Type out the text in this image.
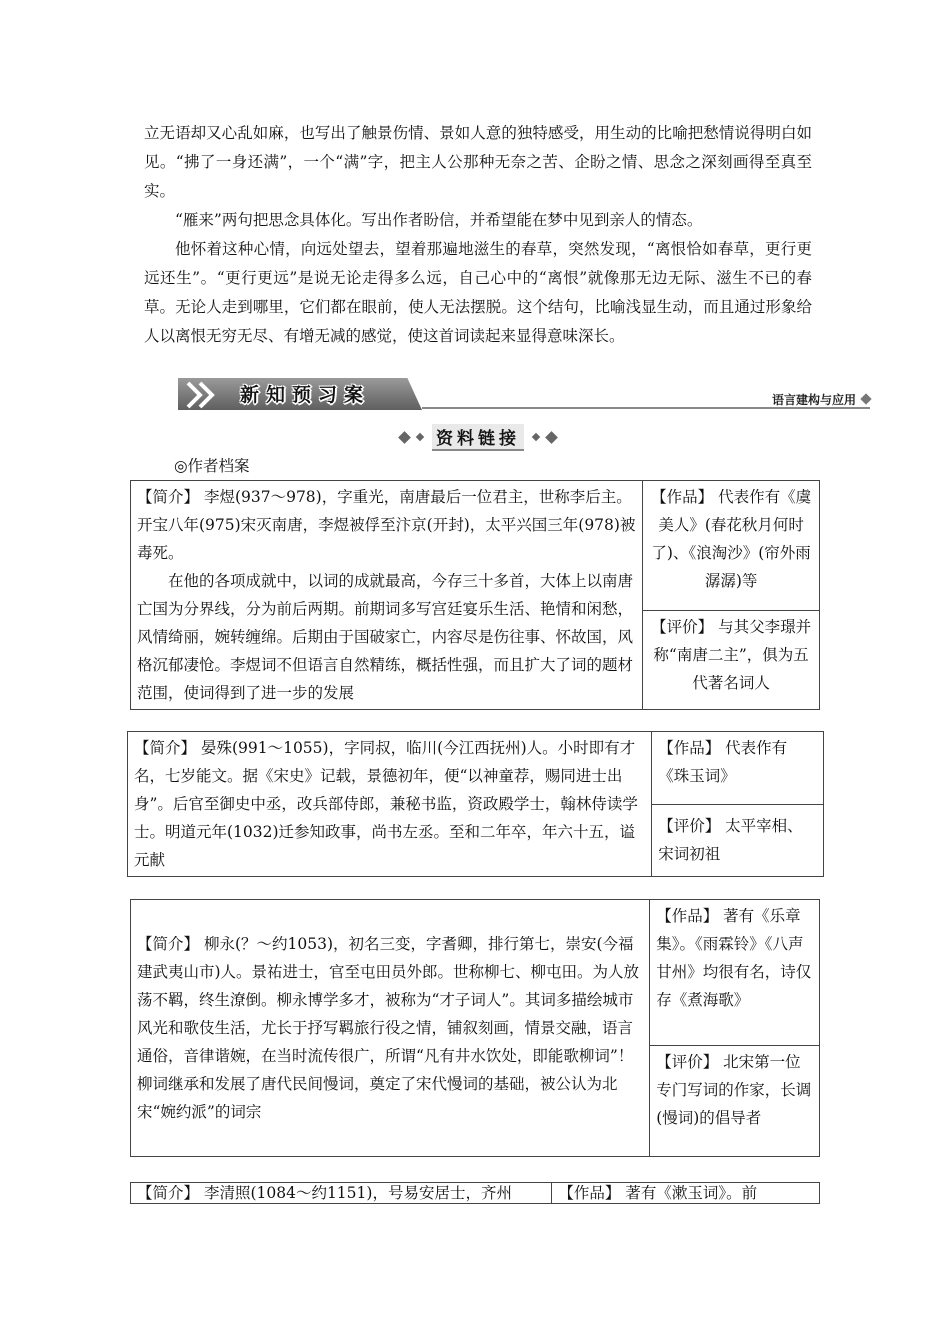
立无语却又心乱如麻，也写出了触景伤情、景如人意的独特感受，用生动的比喻把愁情说得明白如见。“拂了一身还满”，一个“满”字，把主人公那种无奈之苦、企盼之情、思念之深刻画得至真至实。

“雁来”两句把思念具体化。写出作者盼信，并希望能在梦中见到亲人的情态。

他怀着这种心情，向远处望去，望着那遍地滋生的春草，突然发现，“离恨恰如春草，更行更远还生”。“更行更远”是说无论走得多么远，自己心中的“离恨”就像那无边无际、滋生不已的春草。无论人走到哪里，它们都在眼前，使人无法摆脱。这个结句，比喻浅显生动，而且通过形象给人以离恨无穷无尽、有增无减的感觉，使这首词读起来显得意味深长。

新知预习案	语言建构与应用
资料链接
◎作者档案
【简介】 李煜(937～978)，字重光，南唐最后一位君主，世称李后主。开宝八年(975)宋灭南唐，李煜被俘至汴京(开封)，太平兴国三年(978)被毒死。

在他的各项成就中，以词的成就最高，今存三十多首，大体上以南唐亡国为分界线，分为前后两期。前期词多写宫廷宴乐生活、艳情和闲愁，风情绮丽，婉转缠绵。后期由于国破家亡，内容尽是伤往事、怀故国，风格沉郁凄怆。李煜词不但语言自然精练，概括性强，而且扩大了词的题材范围，使词得到了进一步的发展

	【作品】 代表作有《虞美人》(春花秋月何时了)、《浪淘沙》(帘外雨潺潺)等
【评价】 与其父李璟并称“南唐二主”，俱为五代著名词人
【简介】 晏殊(991～1055)，字同叔，临川(今江西抚州)人。小时即有才名，七岁能文。据《宋史》记载，景德初年，便“以神童荐，赐同进士出身”。后官至御史中丞，改兵部侍郎，兼秘书监，资政殿学士，翰林侍读学士。明道元年(1032)迁参知政事，尚书左丞。至和二年卒，年六十五，谥元献	【作品】 代表作有《珠玉词》
【评价】 太平宰相、宋词初祖
【简介】 柳永(？～约1053)，初名三变，字耆卿，排行第七，崇安(今福建武夷山市)人。景祐进士，官至屯田员外郎。世称柳七、柳屯田。为人放荡不羁，终生潦倒。柳永博学多才，被称为“才子词人”。其词多描绘城市风光和歌伎生活，尤长于抒写羁旅行役之情，铺叙刻画，情景交融，语言通俗，音律谐婉，在当时流传很广，所谓“凡有井水饮处，即能歌柳词”！柳词继承和发展了唐代民间慢词，奠定了宋代慢词的基础，被公认为北宋“婉约派”的词宗	【作品】 著有《乐章集》。《雨霖铃》《八声甘州》均很有名，诗仅存《煮海歌》
【评价】 北宋第一位专门写词的作家，长调(慢词)的倡导者
【简介】 李清照(1084～约1151)，号易安居士，齐州	【作品】 著有《漱玉词》。前
